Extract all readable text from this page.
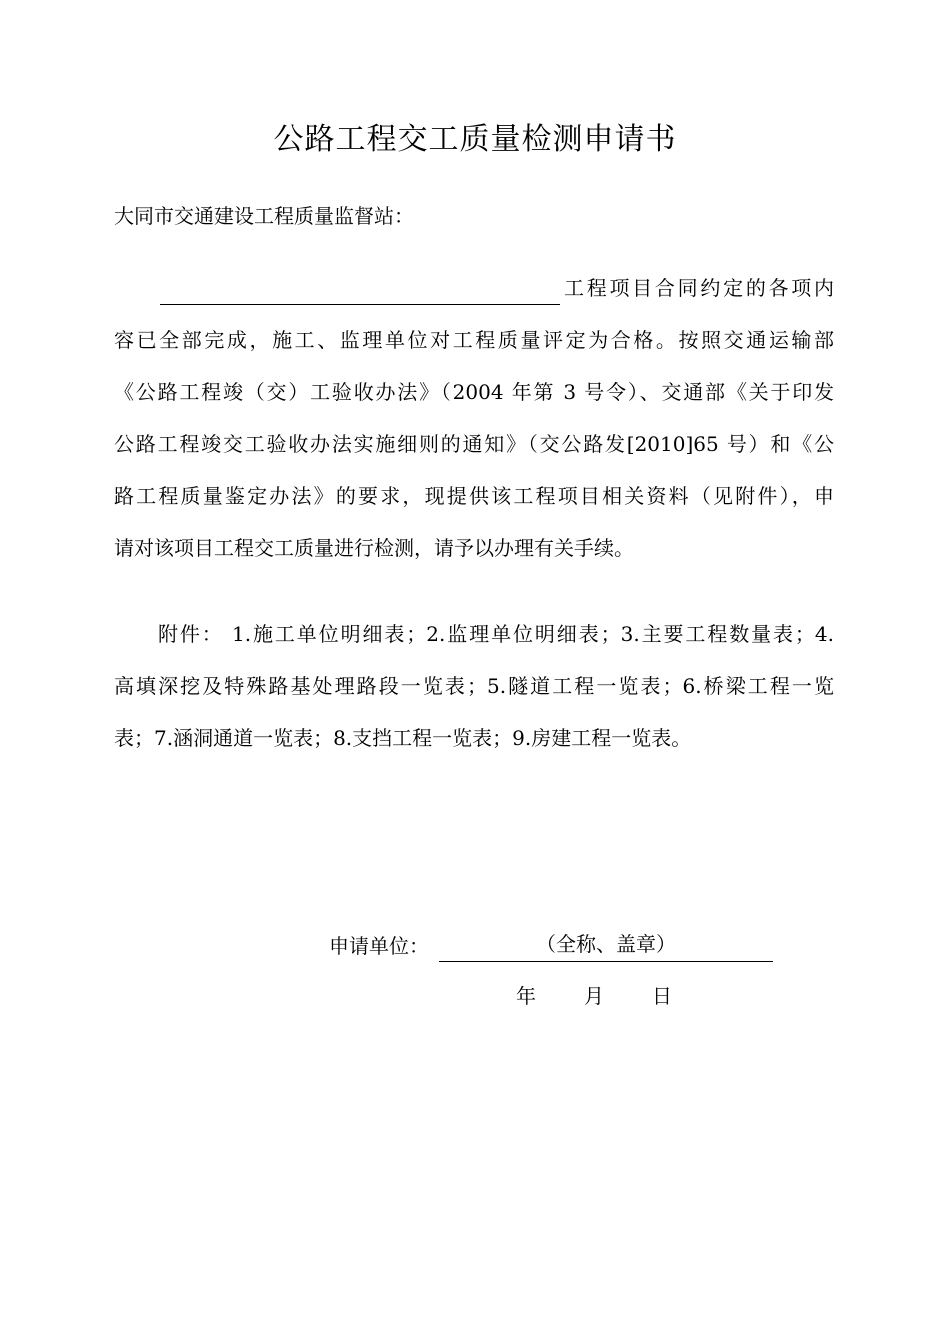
公路工程交工质量检测申请书
大同市交通建设工程质量监督站：
工程项目合同约定的各项内
容已全部完成，施工、监理单位对工程质量评定为合格。按照交通运输部
《公路工程竣（交）工验收办法》（2004 年第 3 号令）、交通部《关于印发
公路工程竣交工验收办法实施细则的通知》（交公路发[2010]65 号）和《公
路工程质量鉴定办法》的要求，现提供该工程项目相关资料（见附件），申
请对该项目工程交工质量进行检测，请予以办理有关手续。
附件： 1.施工单位明细表；2.监理单位明细表；3.主要工程数量表；4.
高填深挖及特殊路基处理路段一览表；5.隧道工程一览表；6.桥梁工程一览
表；7.涵洞通道一览表；8.支挡工程一览表；9.房建工程一览表。
申请单位：	（全称、盖章）
年 月 日
